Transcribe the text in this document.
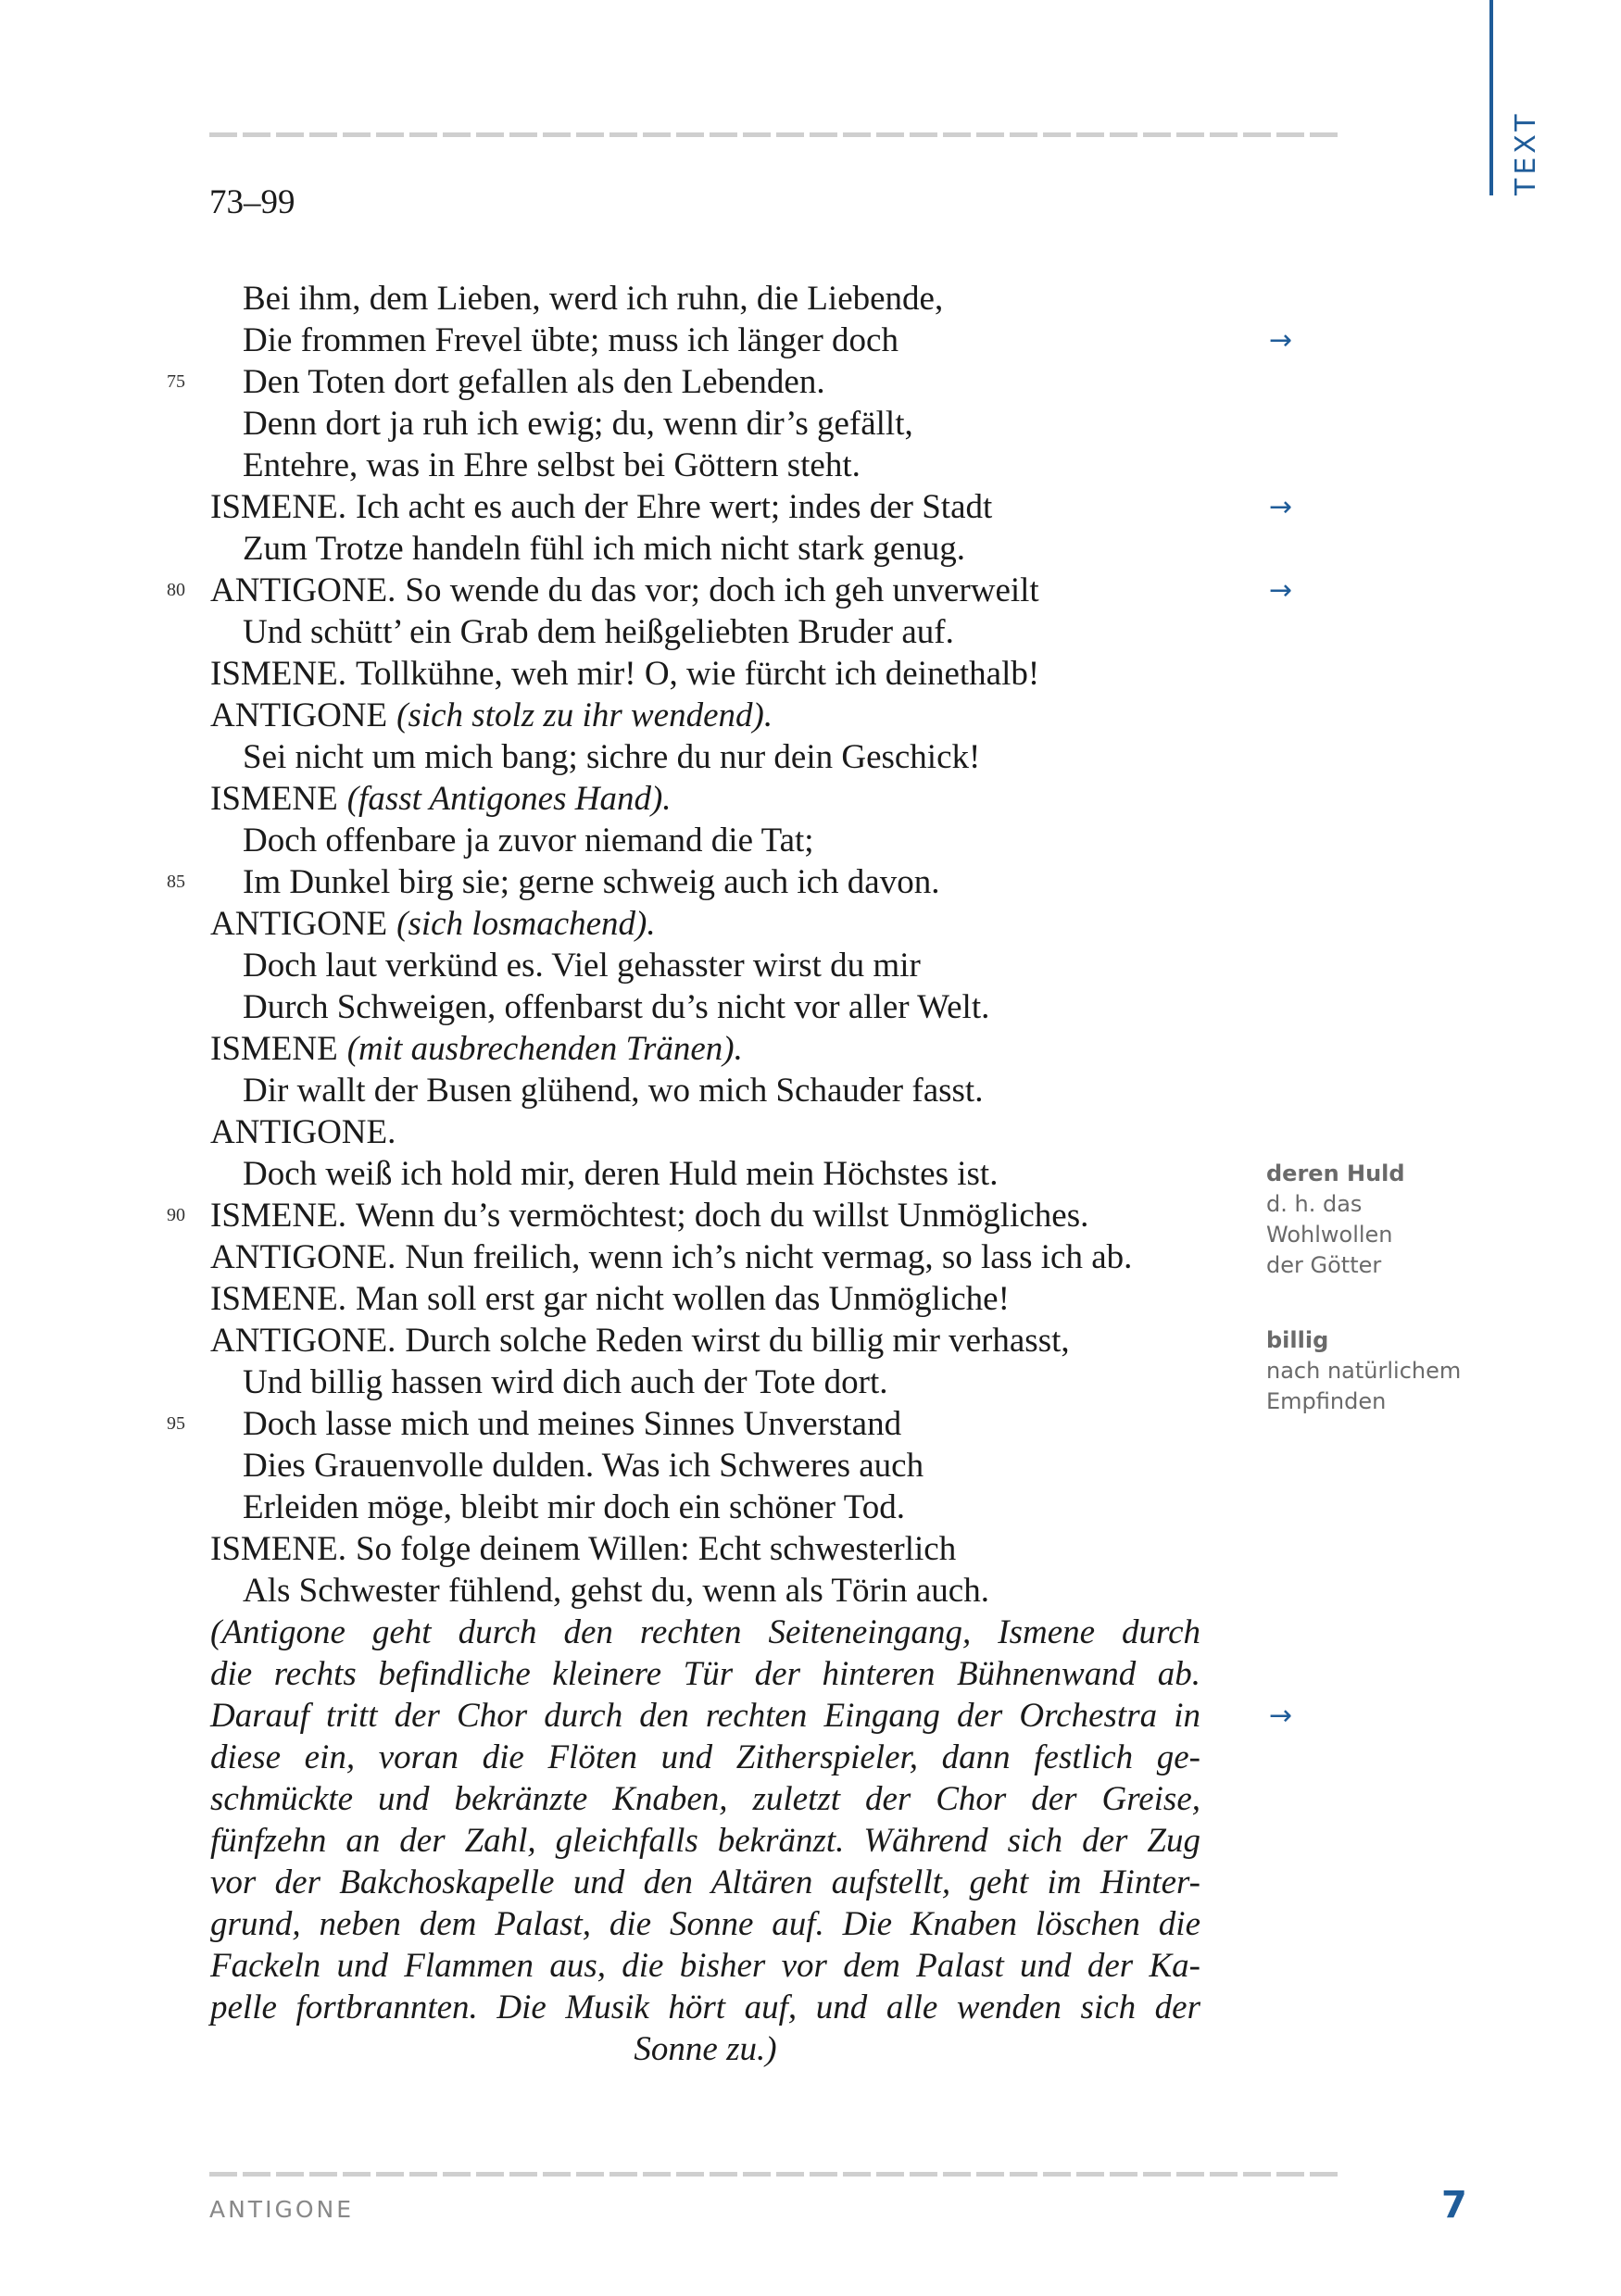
TEXT
73–99
Bei ihm, dem Lieben, werd ich ruhn, die Liebende,
Die frommen Frevel übte; muss ich länger doch
75 Den Toten dort gefallen als den Lebenden.
Denn dort ja ruh ich ewig; du, wenn dir’s gefällt,
Entehre, was in Ehre selbst bei Göttern steht.
ISMENE. Ich acht es auch der Ehre wert; indes der Stadt
Zum Trotze handeln fühl ich mich nicht stark genug.
80 ANTIGONE. So wende du das vor; doch ich geh unverweilt
Und schütt’ ein Grab dem heißgeliebten Bruder auf.
ISMENE. Tollkühne, weh mir! O, wie fürcht ich deinethalb!
ANTIGONE (sich stolz zu ihr wendend).
Sei nicht um mich bang; sichre du nur dein Geschick!
ISMENE (fasst Antigones Hand).
Doch offenbare ja zuvor niemand die Tat;
85 Im Dunkel birg sie; gerne schweig auch ich davon.
ANTIGONE (sich losmachend).
Doch laut verkünd es. Viel gehasster wirst du mir
Durch Schweigen, offenbarst du’s nicht vor aller Welt.
ISMENE (mit ausbrechenden Tränen).
Dir wallt der Busen glühend, wo mich Schauder fasst.
ANTIGONE.
Doch weiß ich hold mir, deren Huld mein Höchstes ist.
90 ISMENE. Wenn du’s vermöchtest; doch du willst Unmögliches.
ANTIGONE. Nun freilich, wenn ich’s nicht vermag, so lass ich ab.
ISMENE. Man soll erst gar nicht wollen das Unmögliche!
ANTIGONE. Durch solche Reden wirst du billig mir verhasst,
Und billig hassen wird dich auch der Tote dort.
95 Doch lasse mich und meines Sinnes Unverstand
Dies Grauenvolle dulden. Was ich Schweres auch
Erleiden möge, bleibt mir doch ein schöner Tod.
ISMENE. So folge deinem Willen: Echt schwesterlich
Als Schwester fühlend, gehst du, wenn als Törin auch.
(Antigone geht durch den rechten Seiteneingang, Ismene durch
die rechts befindliche kleinere Tür der hinteren Bühnenwand ab.
Darauf tritt der Chor durch den rechten Eingang der Orchestra in
diese ein, voran die Flöten und Zitherspieler, dann festlich ge-
schmückte und bekränzte Knaben, zuletzt der Chor der Greise,
fünfzehn an der Zahl, gleichfalls bekränzt. Während sich der Zug
vor der Bakchoskapelle und den Altären aufstellt, geht im Hinter-
grund, neben dem Palast, die Sonne auf. Die Knaben löschen die
Fackeln und Flammen aus, die bisher vor dem Palast und der Ka-
pelle fortbrannten. Die Musik hört auf, und alle wenden sich der
Sonne zu.)
deren Huld
d. h. das
Wohlwollen
der Götter
billig
nach natürlichem
Empfinden
ANTIGONE	7
→
→
→
→
